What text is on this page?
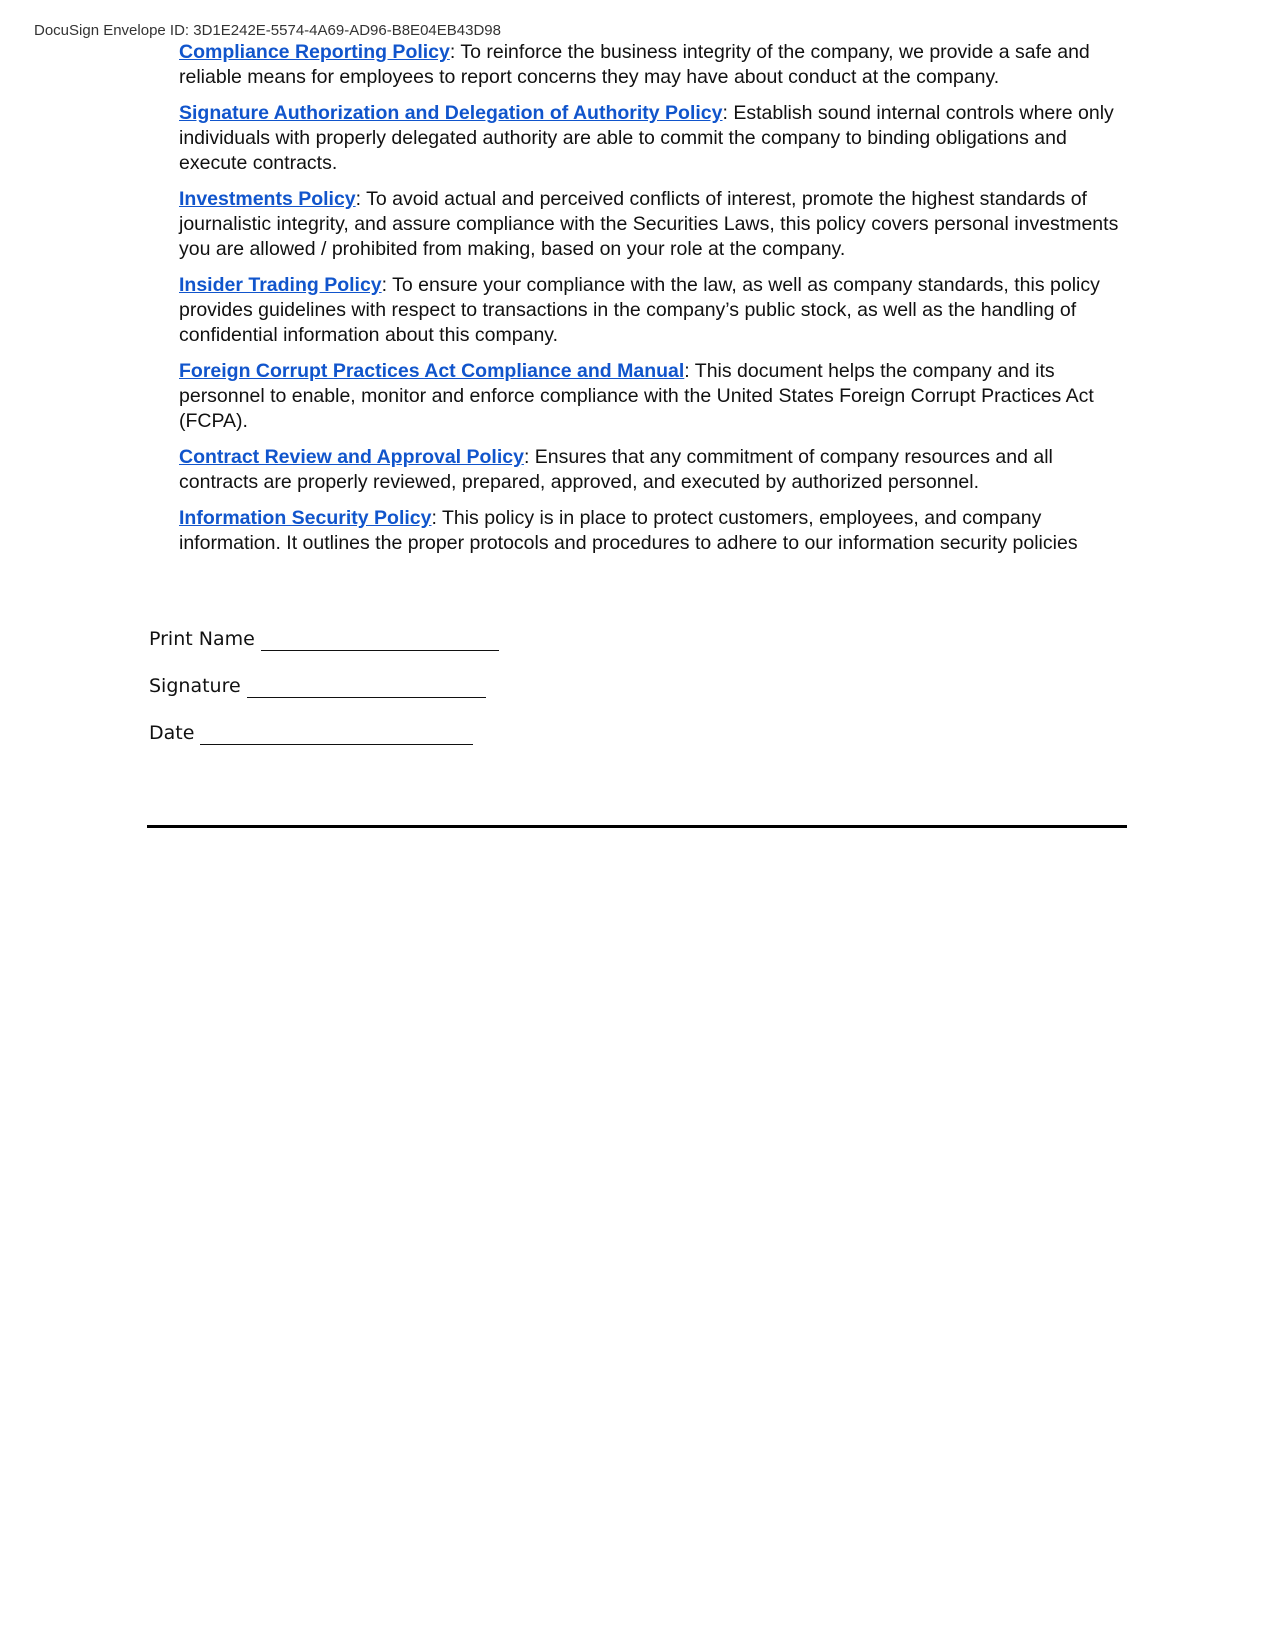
DocuSign Envelope ID: 3D1E242E-5574-4A69-AD96-B8E04EB43D98

Compliance Reporting Policy: To reinforce the business integrity of the company, we provide a safe and reliable means for employees to report concerns they may have about conduct at the company.

Signature Authorization and Delegation of Authority Policy: Establish sound internal controls where only individuals with properly delegated authority are able to commit the company to binding obligations and execute contracts.

Investments Policy: To avoid actual and perceived conflicts of interest, promote the highest standards of journalistic integrity, and assure compliance with the Securities Laws, this policy covers personal investments you are allowed / prohibited from making, based on your role at the company.

Insider Trading Policy: To ensure your compliance with the law, as well as company standards, this policy provides guidelines with respect to transactions in the company’s public stock, as well as the handling of confidential information about this company.

Foreign Corrupt Practices Act Compliance and Manual: This document helps the company and its personnel to enable, monitor and enforce compliance with the United States Foreign Corrupt Practices Act (FCPA).

Contract Review and Approval Policy: Ensures that any commitment of company resources and all contracts are properly reviewed, prepared, approved, and executed by authorized personnel.

Information Security Policy: This policy is in place to protect customers, employees, and company information. It outlines the proper protocols and procedures to adhere to our information security policies

Print Name
Signature
Date
